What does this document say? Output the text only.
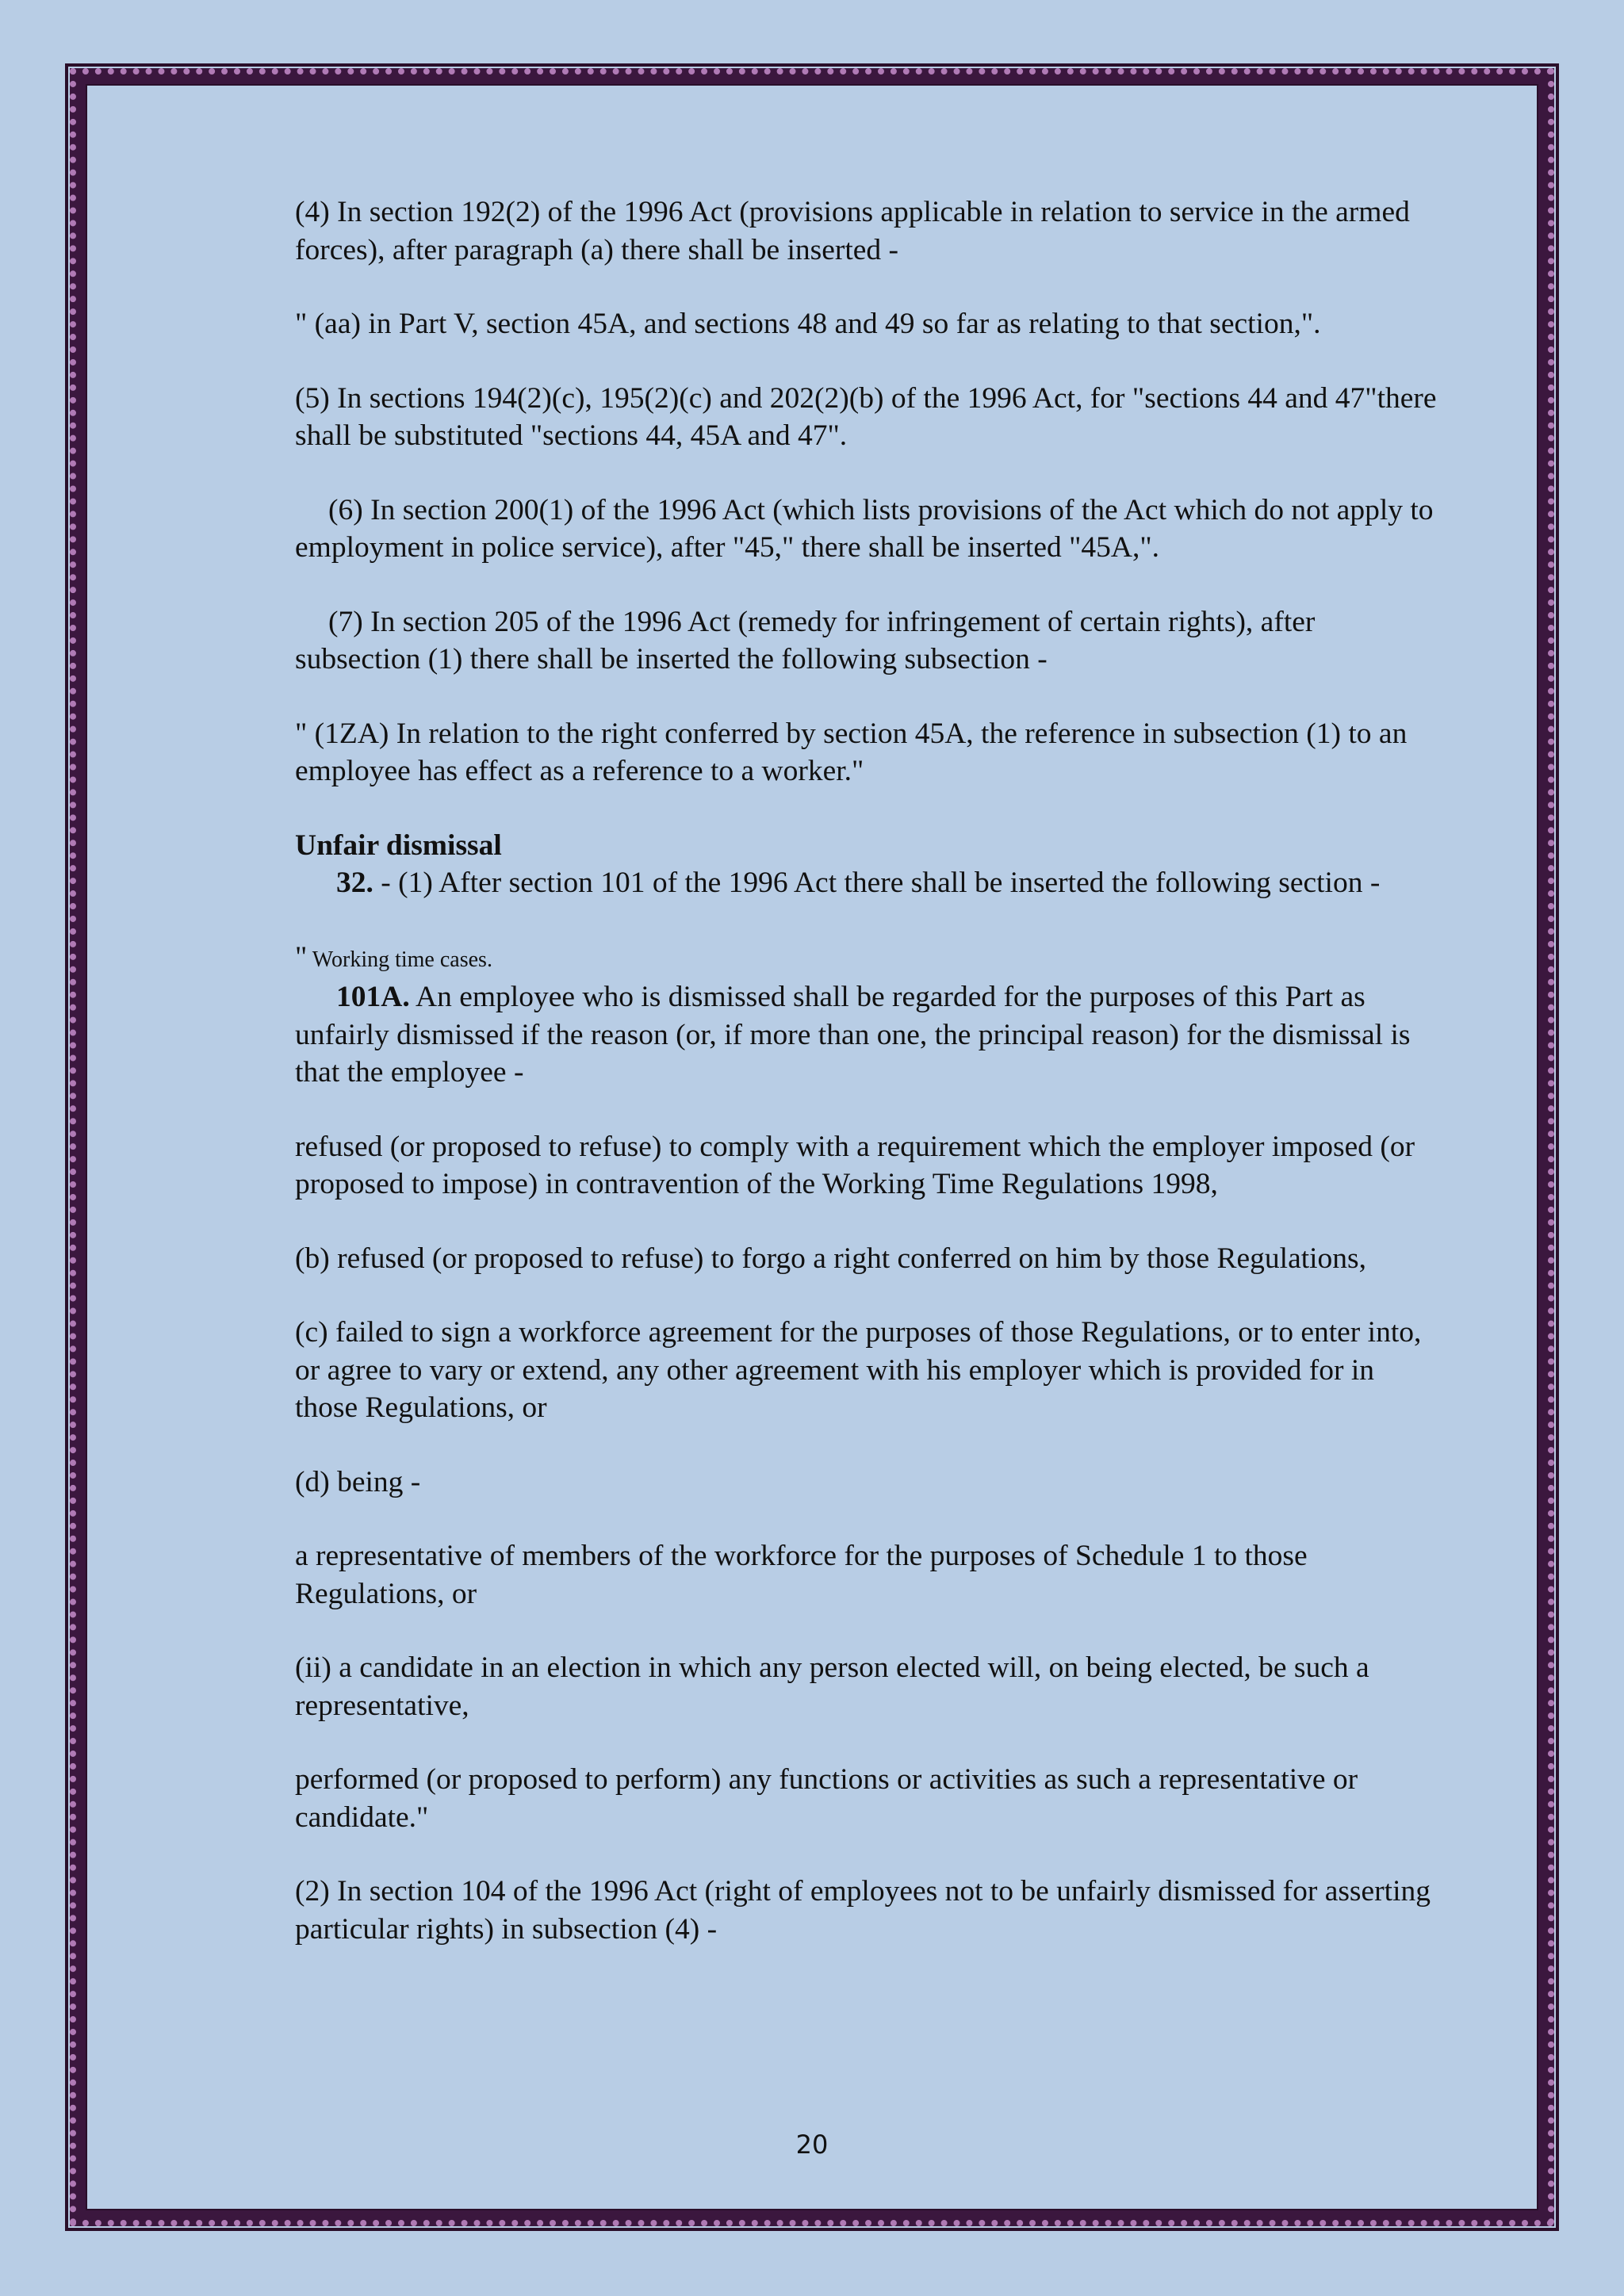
(4) In section 192(2) of the 1996 Act (provisions applicable in relation to service in the armed forces), after paragraph (a) there shall be inserted -

" (aa) in Part V, section 45A, and sections 48 and 49 so far as relating to that section,".

(5) In sections 194(2)(c), 195(2)(c) and 202(2)(b) of the 1996 Act, for "sections 44 and 47"there shall be substituted "sections 44, 45A and 47".

(6) In section 200(1) of the 1996 Act (which lists provisions of the Act which do not apply to employment in police service), after "45," there shall be inserted "45A,".

(7) In section 205 of the 1996 Act (remedy for infringement of certain rights), after subsection (1) there shall be inserted the following subsection -

" (1ZA) In relation to the right conferred by section 45A, the reference in subsection (1) to an employee has effect as a reference to a worker."

Unfair dismissal

32. - (1) After section 101 of the 1996 Act there shall be inserted the following section -

" Working time cases.

101A. An employee who is dismissed shall be regarded for the purposes of this Part as unfairly dismissed if the reason (or, if more than one, the principal reason) for the dismissal is that the employee -

refused (or proposed to refuse) to comply with a requirement which the employer imposed (or proposed to impose) in contravention of the Working Time Regulations 1998,

(b) refused (or proposed to refuse) to forgo a right conferred on him by those Regulations,

(c) failed to sign a workforce agreement for the purposes of those Regulations, or to enter into, or agree to vary or extend, any other agreement with his employer which is provided for in those Regulations, or

(d) being -

a representative of members of the workforce for the purposes of Schedule 1 to those Regulations, or

(ii) a candidate in an election in which any person elected will, on being elected, be such a representative,

performed (or proposed to perform) any functions or activities as such a representative or candidate."

(2) In section 104 of the 1996 Act (right of employees not to be unfairly dismissed for asserting particular rights) in subsection (4) -

20
